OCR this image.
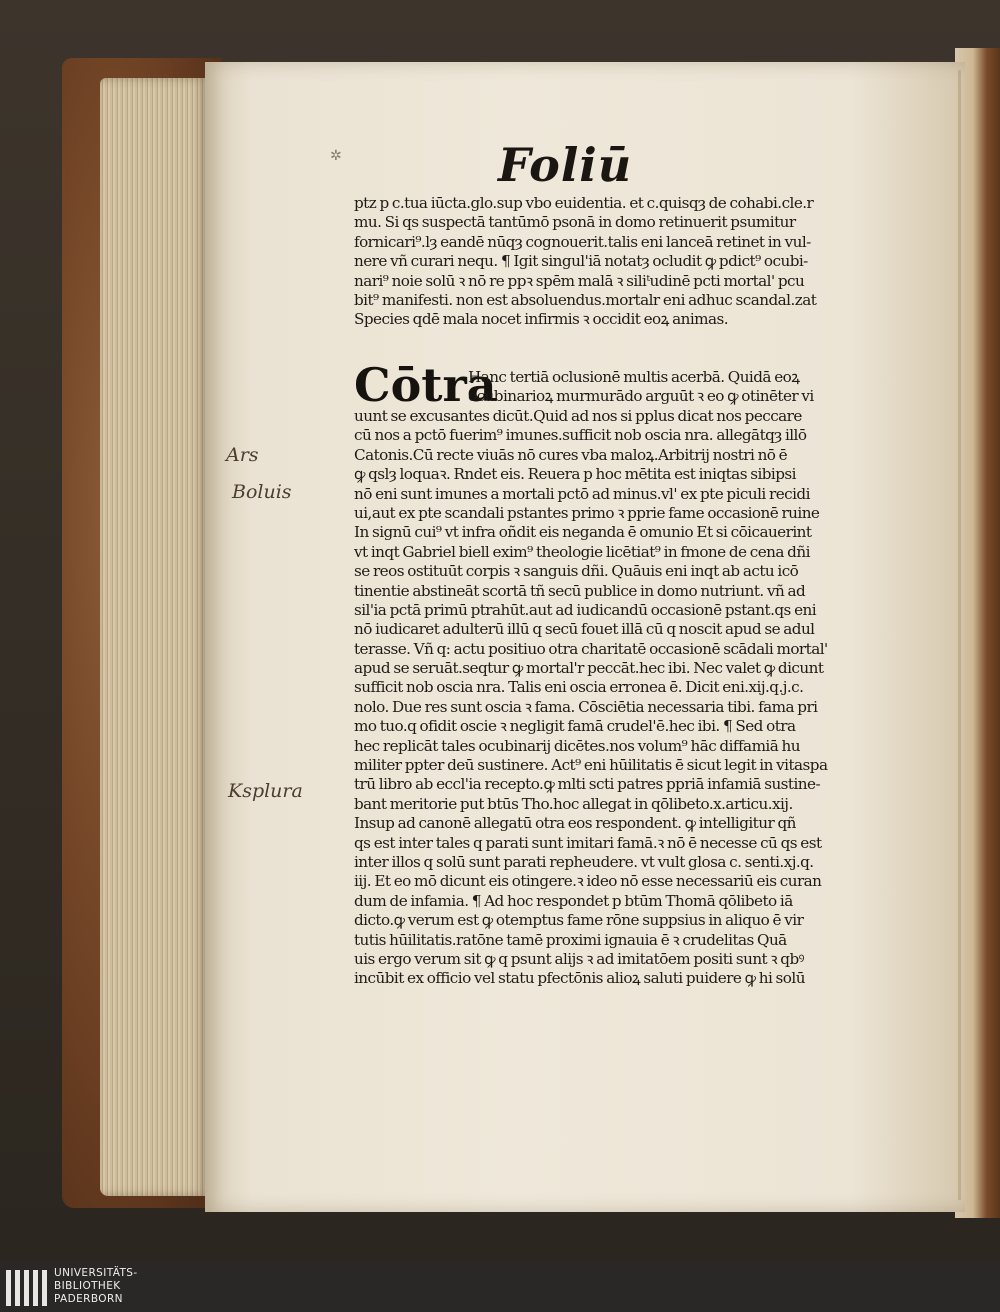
✲	Foliū
ptz p c.tua iūcta.glo.sup vbo euidentia. et c.quisqȝ de cohabi.cle.r
mu. Si qs suspectā tantūmō psonā in domo retinuerit psumitur
fornicari⁹.lȝ eandē nūqȝ cognouerit.talis eni lanceā retinet in vul-
nere vñ curari nequ. ¶ Igit singul'iā notatȝ ocludit ꝙ pdict⁹ ocubi-
nari⁹ noie solū ꝛ nō re ppꝛ spēm malā ꝛ siliᵗudinē pcti mortal' pcu
bit⁹ manifesti. non est absoluendus.mortalr eni adhuc scandal.zat
Species qdē mala nocet infirmis ꝛ occidit eoꝝ animas.
Cōtra
Hanc tertiā oclusionē multis acerbā. Quidā eoꝝ
ocubinarioꝝ murmurādo arguūt ꝛ eo ꝙ otinēter vi
uunt se excusantes dicūt.Quid ad nos si pplus dicat nos peccare
cū nos a pctō fuerim⁹ imunes.sufficit nob oscia nra. allegātqȝ illō
Catonis.Cū recte viuās nō cures vba maloꝝ.Arbitrij nostri nō ē
ꝙ qslȝ loquaꝛ. Rndet eis. Reuera p hoc mētita est iniqtas sibipsi
nō eni sunt imunes a mortali pctō ad minus.vl' ex pte piculi recidi
ui,aut ex pte scandali pstantes primo ꝛ pprie fame occasionē ruine
In signū cui⁹ vt infra oñdit eis neganda ē omunio Et si cōicauerint
vt inqt Gabriel biell exim⁹ theologie licētiat⁹ in fmone de cena dñi
se reos ostituūt corpis ꝛ sanguis dñi. Quāuis eni inqt ab actu icō
tinentie abstineāt scortā tñ secū publice in domo nutriunt. vñ ad
sil'ia pctā primū ptrahūt.aut ad iudicandū occasionē pstant.qs eni
nō iudicaret adulterū illū q secū fouet illā cū q noscit apud se adul
terasse. Vñ q: actu positiuo otra charitatē occasionē scādali mortal'
apud se seruāt.seqtur ꝙ mortal'r peccāt.hec ibi. Nec valet ꝙ dicunt
sufficit nob oscia nra. Talis eni oscia erronea ē. Dicit eni.xij.q.j.c.
nolo. Due res sunt oscia ꝛ fama. Cōsciētia necessaria tibi. fama pri
mo tuo.q ofidit oscie ꝛ negligit famā crudel'ē.hec ibi. ¶ Sed otra
hec replicāt tales ocubinarij dicētes.nos volum⁹ hāc diffamiā hu
militer ppter deū sustinere. Act⁹ eni hūilitatis ē sicut legit in vitaspa
trū libro ab eccl'ia recepto.ꝙ mlti scti patres ppriā infamiā sustine-
bant meritorie put btūs Tho.hoc allegat in qōlibeto.x.articu.xij.
Insup ad canonē allegatū otra eos respondent. ꝙ intelligitur qñ
qs est inter tales q parati sunt imitari famā.ꝛ nō ē necesse cū qs est
inter illos q solū sunt parati repheudere. vt vult glosa c. senti.xj.q.
iij. Et eo mō dicunt eis otingere.ꝛ ideo nō esse necessariū eis curan
dum de infamia. ¶ Ad hoc respondet p btūm Thomā qōlibeto iā
dicto.ꝙ verum est ꝙ otemptus fame rōne suppsius in aliquo ē vir
tutis hūilitatis.ratōne tamē proximi ignauia ē ꝛ crudelitas Quā
uis ergo verum sit ꝙ q psunt alijs ꝛ ad imitatōem positi sunt ꝛ qbꝰ
incūbit ex officio vel statu pfectōnis alioꝝ saluti puidere ꝙ hi solū
Ars
Boluis
Ksplura
UNIVERSITÄTS-
BIBLIOTHEK
PADERBORN
